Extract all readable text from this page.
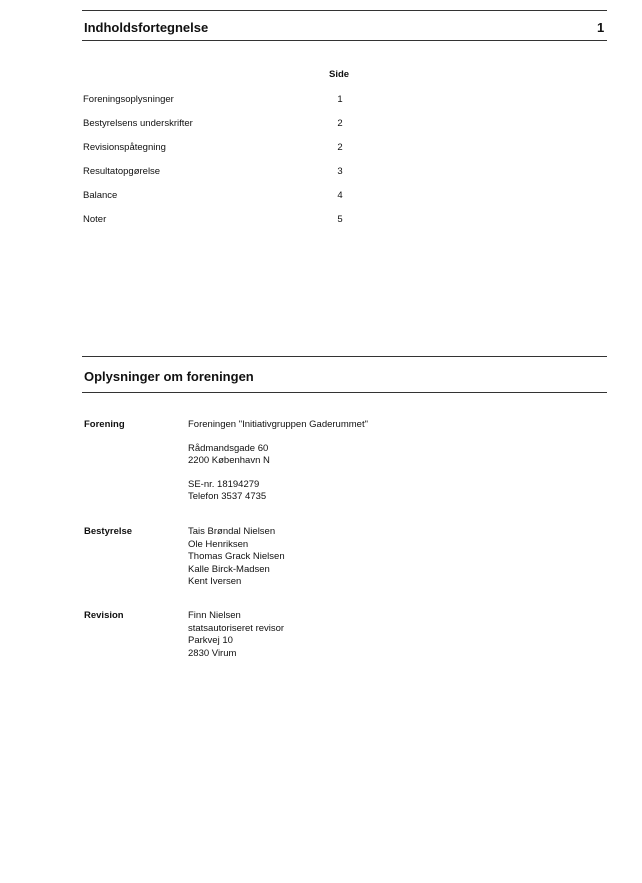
Indholdsfortegnelse	1
Side
Foreningsoplysninger	1
Bestyrelsens underskrifter	2
Revisionspåtegning	2
Resultatopgørelse	3
Balance	4
Noter	5
Oplysninger om foreningen
Forening	Foreningen "Initiativgruppen Gaderummet"
Rådmandsgade 60
2200 København N
SE-nr. 18194279
Telefon 3537 4735
Bestyrelse	Tais Brøndal Nielsen
Ole Henriksen
Thomas Grack Nielsen
Kalle Birck-Madsen
Kent Iversen
Revision	Finn Nielsen
statsautoriseret revisor
Parkvej 10
2830 Virum
